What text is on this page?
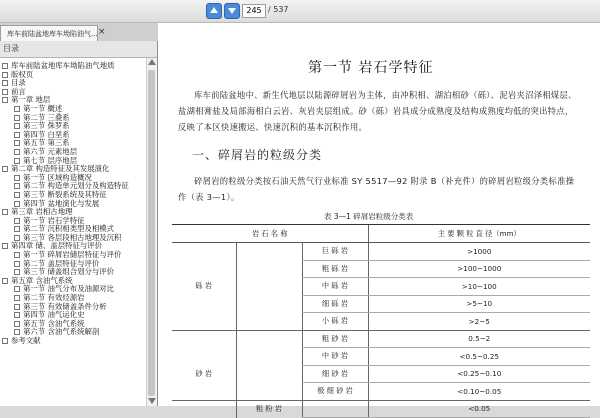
245
/ 537
库车前陆盆地库车坳陷油气... ×
目录
库车前陆盆地库车坳陷油气地质
版权页
目录
前言
第一章 地层
第一节 概述
第二节 三叠系
第三节 侏罗系
第四节 白垩系
第五节 第三系
第六节 元素地层
第七节 层序地层
第二章 构造特征及其发展演化
第一节 区域构造概况
第二节 构造单元划分及构造特征
第三节 断裂系统及其特征
第四节 盆地演化与发展
第三章 岩相古地理
第一节 岩石学特征
第二节 沉积相类型及相模式
第三节 各层段相古地理及沉积
第四章 储、盖层特征与评价
第一节 碎屑岩储层特征与评价
第二节 盖层特征与评价
第三节 储盖组合划分与评价
第五章 含油气系统
第一节 油气分布及油源对比
第二节 有效烃源岩
第三节 有效储盖条件分析
第四节 油气运化史
第五节 含油气系统
第六节 含油气系统解剖
参考文献
第一节 岩石学特征
库车前陆盆地中、新生代地层以陆源碎屑岩为主体，由冲积相、湖泊相砂（砾）、泥岩夹沼泽相煤层、盐湖相膏盐及局部海相白云岩、灰岩夹层组成。砂（砾）岩具成分成熟度及结构成熟度均低的突出特点，反映了本区快速搬运、快速沉积的基本沉积作用。
一、碎屑岩的粒级分类
碎屑岩的粒级分类按石油天然气行业标准 SY 5517—92 附录 B（补充件）的碎屑岩粒级分类标准操作（表 3—1）。
表 3—1 碎屑岩粒级分类表
岩 石 名 称			主 要 颗 粒 直 径（mm）
		巨 砾 岩	>1000
		粗 砾 岩	>100~1000
砾 岩		中 砾 岩	>10~100
		细 砾 岩	>5~10
		小 砾 岩	>2~5
		粗 砂 岩	0.5~2
		中 砂 岩	<0.5~0.25
砂 岩		细 砂 岩	<0.25~0.10
		极 细 砂 岩	<0.10~0.05
	粗 粉 岩		<0.05
